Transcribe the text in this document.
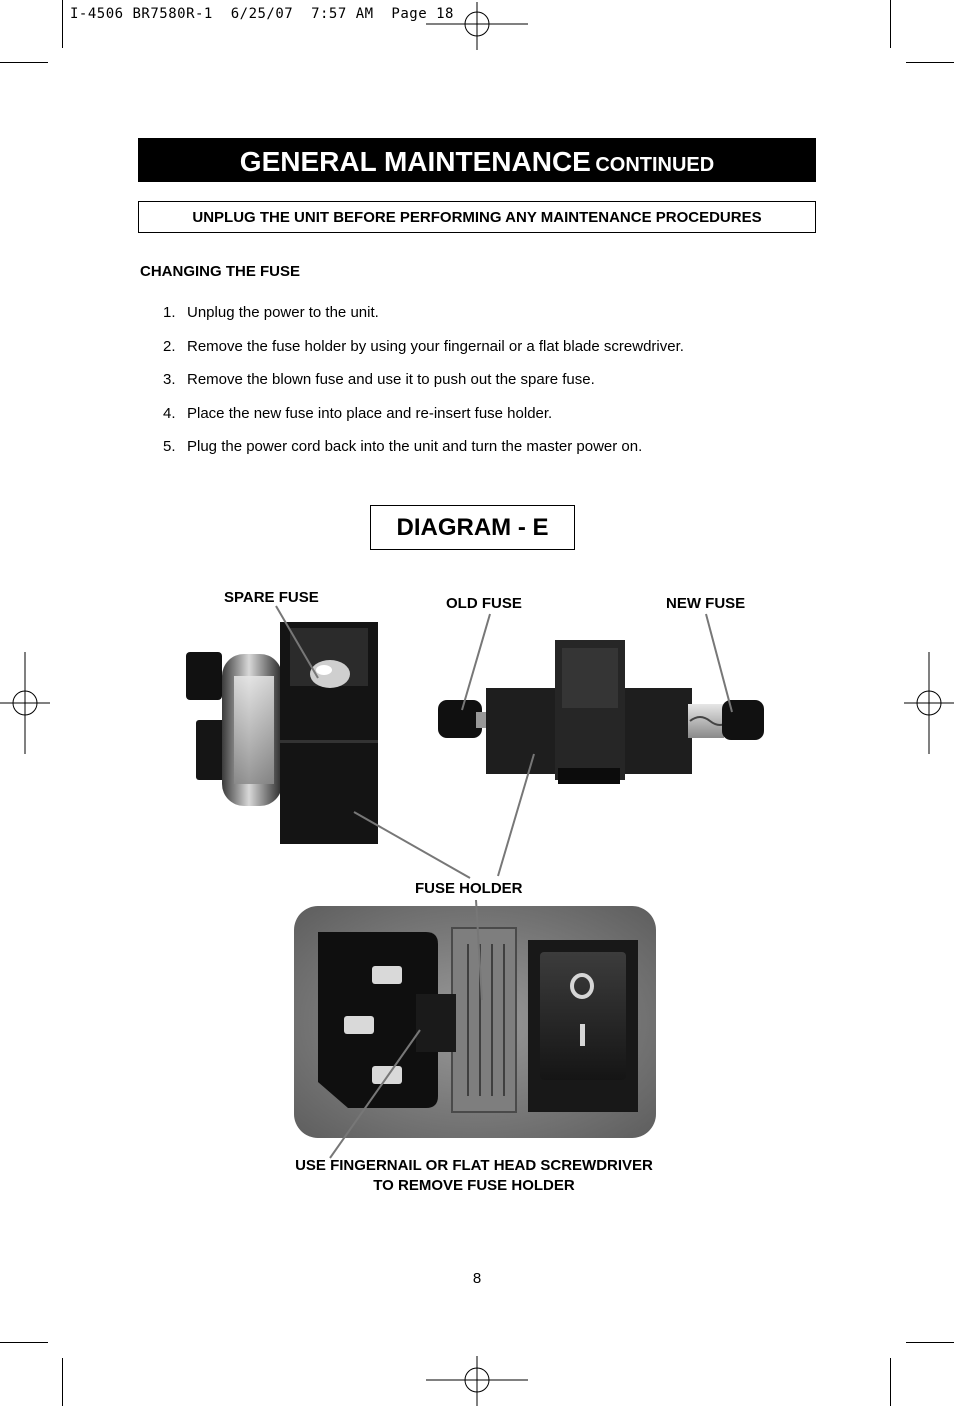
I-4506 BR7580R-1  6/25/07  7:57 AM  Page 18
GENERAL MAINTENANCE CONTINUED
UNPLUG THE UNIT BEFORE PERFORMING ANY MAINTENANCE PROCEDURES
CHANGING THE FUSE
1. Unplug the power to the unit.
2. Remove the fuse holder by using your fingernail or a flat blade screwdriver.
3. Remove the blown fuse and use it to push out the spare fuse.
4. Place the new fuse into place and re-insert fuse holder.
5. Plug the power cord back into the unit and turn the master power on.
DIAGRAM - E
SPARE FUSE	OLD FUSE	NEW FUSE
FUSE HOLDER
USE FINGERNAIL OR FLAT HEAD SCREWDRIVER
TO REMOVE FUSE HOLDER
8
